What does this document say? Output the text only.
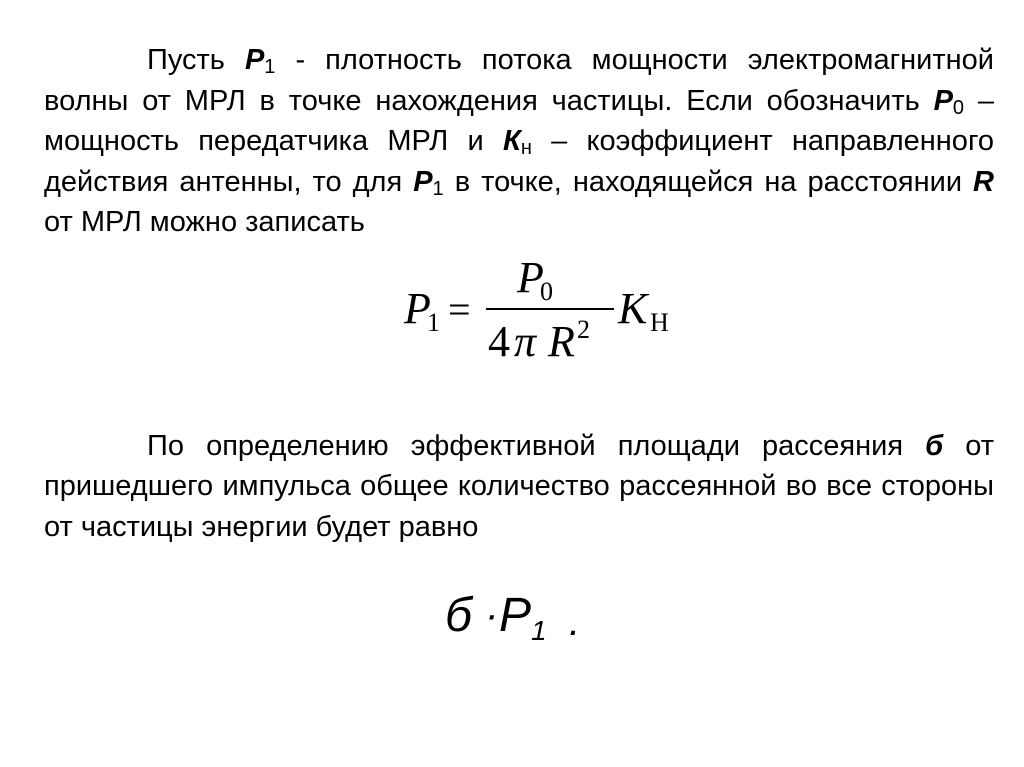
Пусть $P_1$ - плотность потока мощности электромагнитной волны от МРЛ в точке нахождения частицы. Если обозначить $P_0$ – мощность передатчика МРЛ и $К_н$ – коэффициент направленного действия антенны, то для $P_1$ в точке, находящейся на расстоянии R от МРЛ можно записать

P
1 =
P
0
4 π R 2 K Н

По определению эффективной площади рассеяния б от пришедшего импульса общее количество рассеянной во все стороны от частицы энергии будет равно

б · P 1 .
